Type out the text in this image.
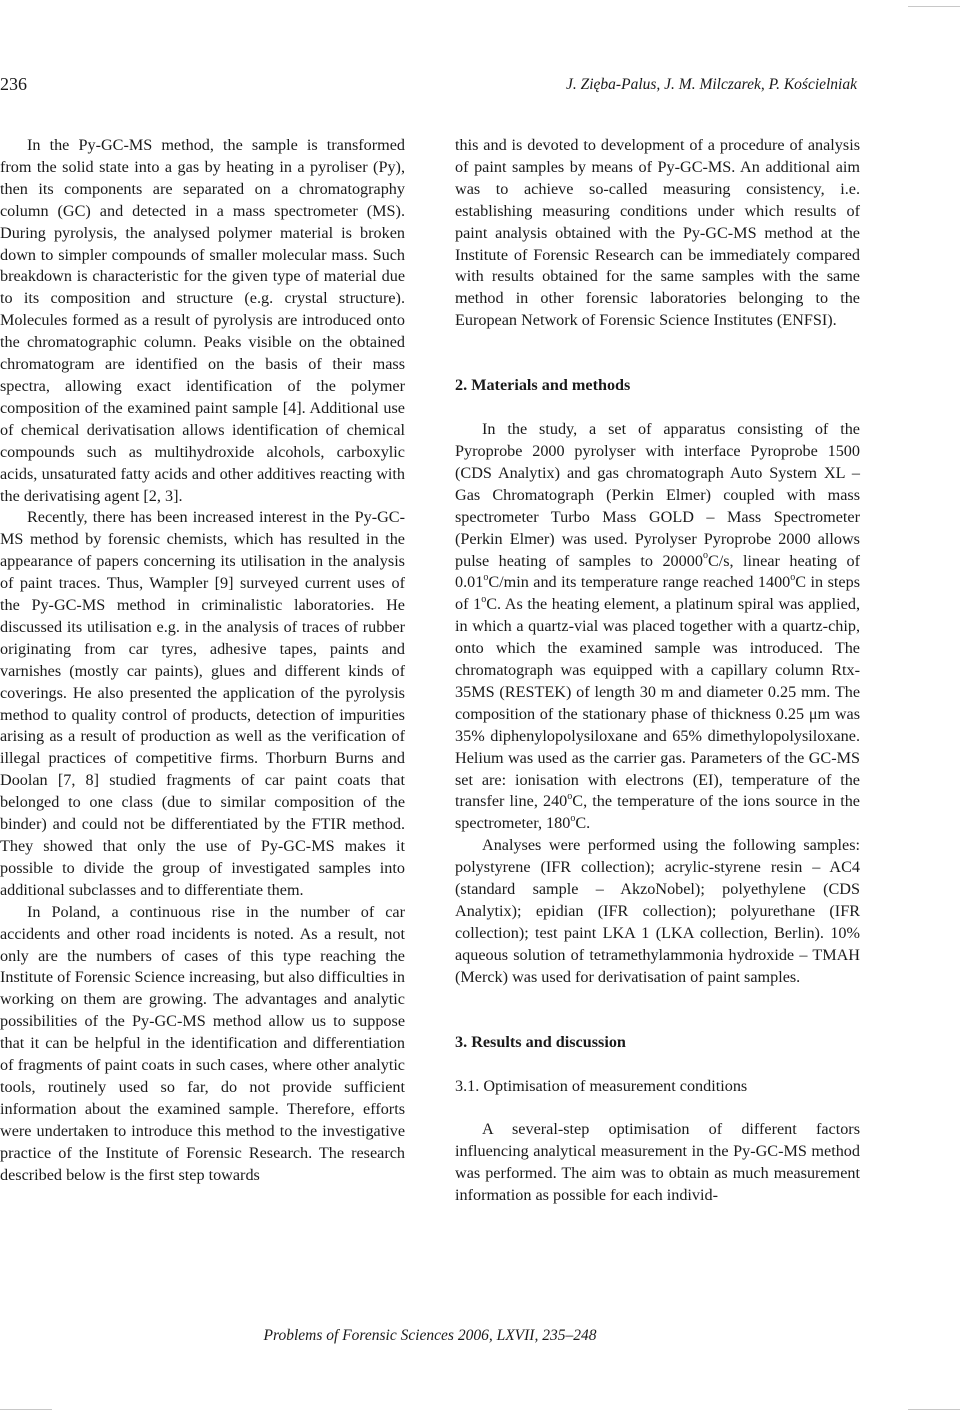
236	J. Zięba-Palus, J. M. Milczarek, P. Kościelniak

In the Py-GC-MS method, the sample is transformed from the solid state into a gas by heating in a pyroliser (Py), then its components are separated on a chromatography column (GC) and detected in a mass spectrometer (MS). During pyrolysis, the analysed polymer material is broken down to simpler compounds of smaller molecular mass. Such breakdown is characteristic for the given type of material due to its composition and structure (e.g. crystal structure). Molecules formed as a result of pyrolysis are introduced onto the chromatographic column. Peaks visible on the obtained chromatogram are identified on the basis of their mass spectra, allowing exact identification of the polymer composition of the examined paint sample [4]. Additional use of chemical derivatisation allows identification of chemical compounds such as multihydroxide alcohols, carboxylic acids, unsaturated fatty acids and other additives reacting with the derivatising agent [2, 3].

Recently, there has been increased interest in the Py-GC-MS method by forensic chemists, which has resulted in the appearance of papers concerning its utilisation in the analysis of paint traces. Thus, Wampler [9] surveyed current uses of the Py-GC-MS method in criminalistic laboratories. He discussed its utilisation e.g. in the analysis of traces of rubber originating from car tyres, adhesive tapes, paints and varnishes (mostly car paints), glues and different kinds of coverings. He also presented the application of the pyrolysis method to quality control of products, detection of impurities arising as a result of production as well as the verification of illegal practices of competitive firms. Thorburn Burns and Doolan [7, 8] studied fragments of car paint coats that belonged to one class (due to similar composition of the binder) and could not be differentiated by the FTIR method. They showed that only the use of Py-GC-MS makes it possible to divide the group of investigated samples into additional subclasses and to differentiate them.

In Poland, a continuous rise in the number of car accidents and other road incidents is noted. As a result, not only are the numbers of cases of this type reaching the Institute of Forensic Science increasing, but also difficulties in working on them are growing. The advantages and analytic possibilities of the Py-GC-MS method allow us to suppose that it can be helpful in the identification and differentiation of fragments of paint coats in such cases, where other analytic tools, routinely used so far, do not provide sufficient information about the examined sample. Therefore, efforts were undertaken to introduce this method to the investigative practice of the Institute of Forensic Research. The research described below is the first step towards

this and is devoted to development of a procedure of analysis of paint samples by means of Py-GC-MS. An additional aim was to achieve so-called measuring consistency, i.e. establishing measuring conditions under which results of paint analysis obtained with the Py-GC-MS method at the Institute of Forensic Research can be immediately compared with results obtained for the same samples with the same method in other forensic laboratories belonging to the European Network of Forensic Science Institutes (ENFSI).

2. Materials and methods

In the study, a set of apparatus consisting of the Pyroprobe 2000 pyrolyser with interface Pyroprobe 1500 (CDS Analytix) and gas chromatograph Auto System XL – Gas Chromatograph (Perkin Elmer) coupled with mass spectrometer Turbo Mass GOLD – Mass Spectrometer (Perkin Elmer) was used. Pyrolyser Pyroprobe 2000 allows pulse heating of samples to 20000$^o$C/s, linear heating of 0.01$^o$C/min and its temperature range reached 1400$^o$C in steps of 1$^o$C. As the heating element, a platinum spiral was applied, in which a quartz-vial was placed together with a quartz-chip, onto which the examined sample was introduced. The chromatograph was equipped with a capillary column Rtx-35MS (RESTEK) of length 30 m and diameter 0.25 mm. The composition of the stationary phase of thickness 0.25 μm was 35% diphenylopolysiloxane and 65% dimethylopolysiloxane. Helium was used as the carrier gas. Parameters of the GC-MS set are: ionisation with electrons (EI), temperature of the transfer line, 240$^o$C, the temperature of the ions source in the spectrometer, 180$^o$C.

Analyses were performed using the following samples: polystyrene (IFR collection); acrylic-styrene resin – AC4 (standard sample – AkzoNobel); polyethylene (CDS Analytix); epidian (IFR collection); polyurethane (IFR collection); test paint LKA 1 (LKA collection, Berlin). 10% aqueous solution of tetramethylammonia hydroxide – TMAH (Merck) was used for derivatisation of paint samples.

3. Results and discussion

3.1. Optimisation of measurement conditions

A several-step optimisation of different factors influencing analytical measurement in the Py-GC-MS method was performed. The aim was to obtain as much measurement information as possible for each individ-

Problems of Forensic Sciences 2006, LXVII, 235–248
